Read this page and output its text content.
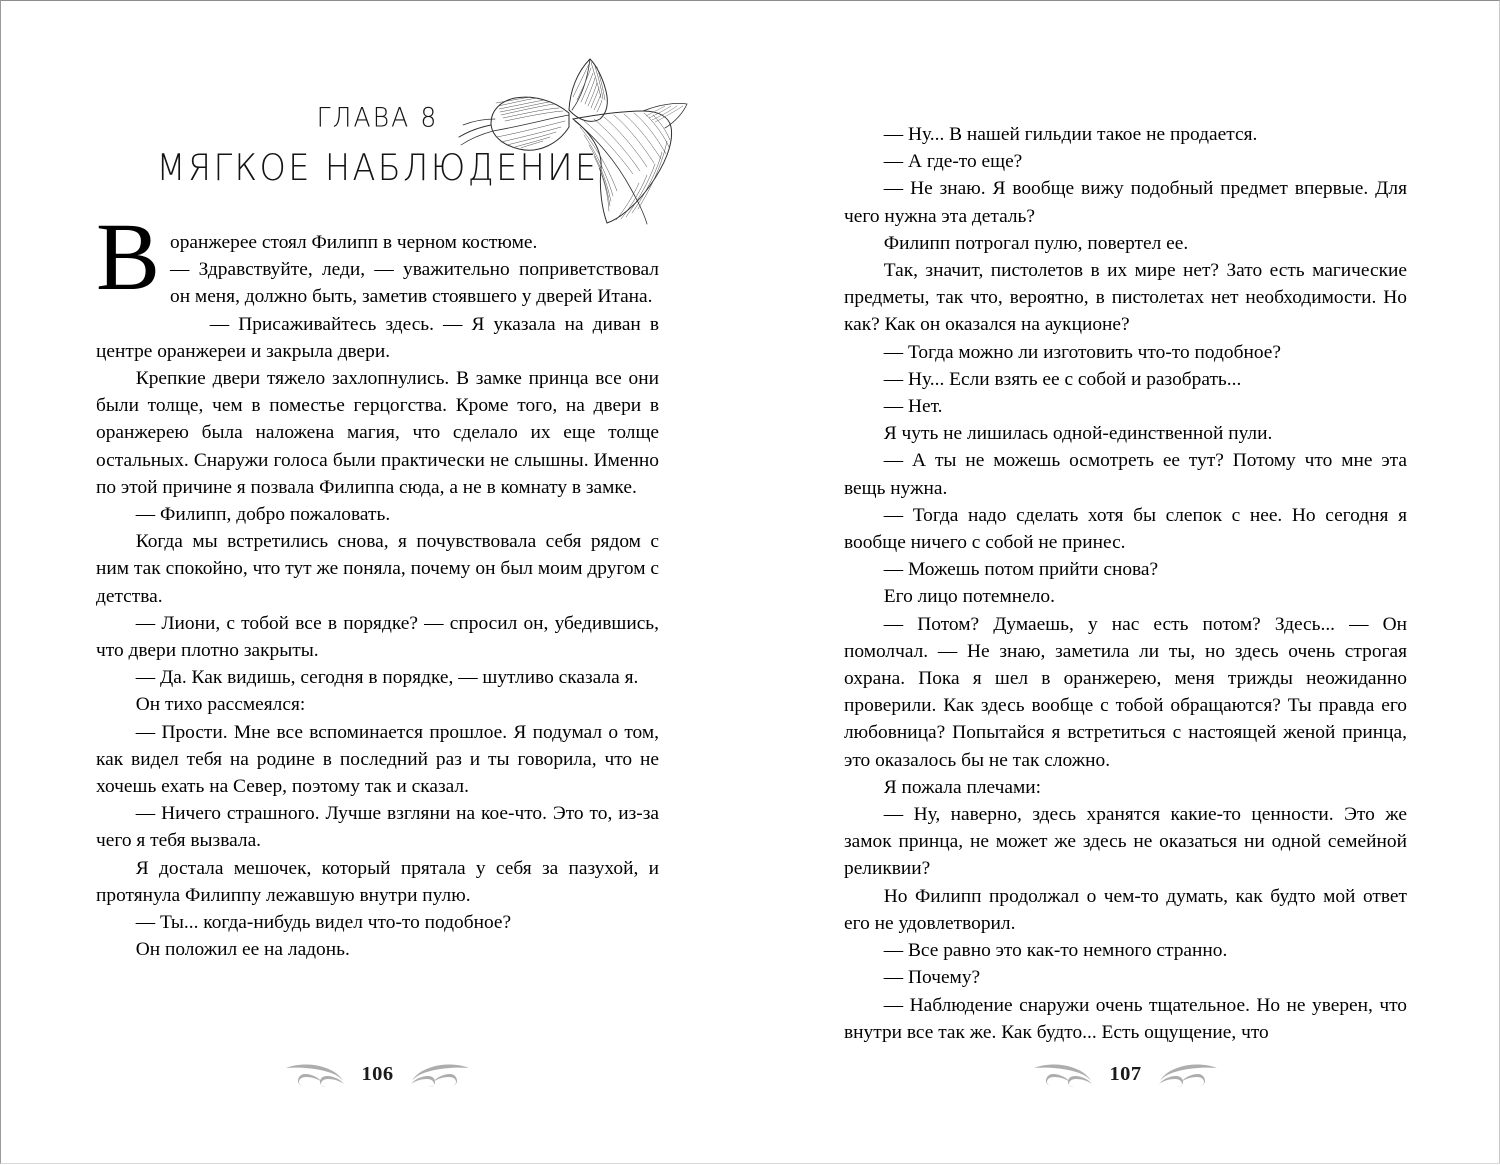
ГЛАВА 8
МЯГКОЕ НАБЛЮДЕНИЕ
В оранжерее стоял Филипп в черном костюме.

— Здравствуйте, леди, — уважительно поприветствовал он меня, должно быть, заметив стоявшего у дверей Итана.

— Присаживайтесь здесь. — Я указала на диван в центре оранжереи и закрыла двери.

Крепкие двери тяжело захлопнулись. В замке принца все они были толще, чем в поместье герцогства. Кроме того, на двери в оранжерею была наложена магия, что сделало их еще толще остальных. Снаружи голоса были практически не слышны. Именно по этой причине я позвала Филиппа сюда, а не в комнату в замке.

— Филипп, добро пожаловать.

Когда мы встретились снова, я почувствовала себя рядом с ним так спокойно, что тут же поняла, почему он был моим другом с детства.

— Лиони, с тобой все в порядке? — спросил он, убедившись, что двери плотно закрыты.

— Да. Как видишь, сегодня в порядке, — шутливо сказала я.

Он тихо рассмеялся:

— Прости. Мне все вспоминается прошлое. Я подумал о том, как видел тебя на родине в последний раз и ты говорила, что не хочешь ехать на Север, поэтому так и сказал.

— Ничего страшного. Лучше взгляни на кое-что. Это то, из-за чего я тебя вызвала.

Я достала мешочек, который прятала у себя за пазухой, и протянула Филиппу лежавшую внутри пулю.

— Ты... когда-нибудь видел что-то подобное?

Он положил ее на ладонь.

106

— Ну... В нашей гильдии такое не продается.

— А где-то еще?

— Не знаю. Я вообще вижу подобный предмет впервые. Для чего нужна эта деталь?

Филипп потрогал пулю, повертел ее.

Так, значит, пистолетов в их мире нет? Зато есть магические предметы, так что, вероятно, в пистолетах нет необходимости. Но как? Как он оказался на аукционе?

— Тогда можно ли изготовить что-то подобное?

— Ну... Если взять ее с собой и разобрать...

— Нет.

Я чуть не лишилась одной-единственной пули.

— А ты не можешь осмотреть ее тут? Потому что мне эта вещь нужна.

— Тогда надо сделать хотя бы слепок с нее. Но сегодня я вообще ничего с собой не принес.

— Можешь потом прийти снова?

Его лицо потемнело.

— Потом? Думаешь, у нас есть потом? Здесь... — Он помолчал. — Не знаю, заметила ли ты, но здесь очень строгая охрана. Пока я шел в оранжерею, меня трижды неожиданно проверили. Как здесь вообще с тобой обращаются? Ты правда его любовница? Попытайся я встретиться с настоящей женой принца, это оказалось бы не так сложно.

Я пожала плечами:

— Ну, наверно, здесь хранятся какие-то ценности. Это же замок принца, не может же здесь не оказаться ни одной семейной реликвии?

Но Филипп продолжал о чем-то думать, как будто мой ответ его не удовлетворил.

— Все равно это как-то немного странно.

— Почему?

— Наблюдение снаружи очень тщательное. Но не уверен, что внутри все так же. Как будто... Есть ощущение, что

107
